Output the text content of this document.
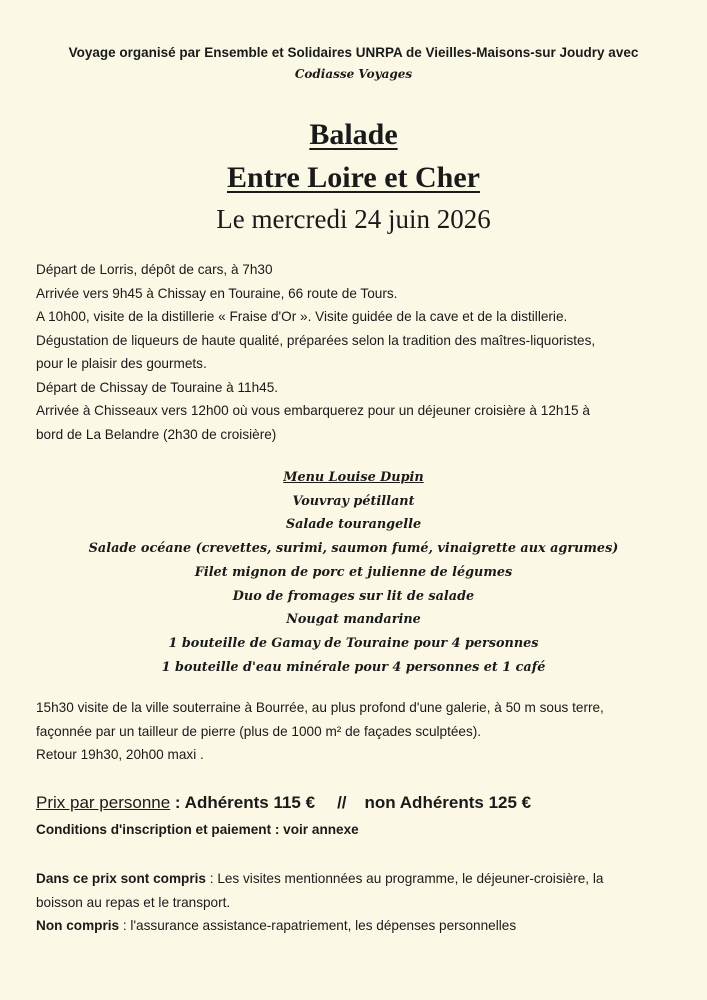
Voyage organisé par Ensemble et Solidaires UNRPA de Vieilles-Maisons-sur Joudry avec
Codiasse Voyages
Balade
Entre Loire et Cher
Le mercredi 24 juin 2026

Départ de Lorris, dépôt de cars, à 7h30

Arrivée vers 9h45 à Chissay en Touraine, 66 route de Tours.

A 10h00, visite de la distillerie « Fraise d'Or ». Visite guidée de la cave et de la distillerie.

Dégustation de liqueurs de haute qualité, préparées selon la tradition des maîtres-liquoristes,

pour le plaisir des gourmets.

Départ de Chissay de Touraine à 11h45.

Arrivée à Chisseaux vers 12h00 où vous embarquerez pour un déjeuner croisière à 12h15 à

bord de La Belandre (2h30 de croisière)

Menu Louise Dupin

Vouvray pétillant

Salade tourangelle

Salade océane (crevettes, surimi, saumon fumé, vinaigrette aux agrumes)

Filet mignon de porc et julienne de légumes

Duo de fromages sur lit de salade

Nougat mandarine

1 bouteille de Gamay de Touraine pour 4 personnes

1 bouteille d'eau minérale pour 4 personnes et 1 café

15h30 visite de la ville souterraine à Bourrée, au plus profond d'une galerie, à 50 m sous terre,

façonnée par un tailleur de pierre (plus de 1000 m² de façades sculptées).

Retour 19h30, 20h00 maxi .

Prix par personne : Adhérents 115 € // non Adhérents 125 €
Conditions d'inscription et paiement : voir annexe

Dans ce prix sont compris : Les visites mentionnées au programme, le déjeuner-croisière, la

boisson au repas et le transport.

Non compris : l'assurance assistance-rapatriement, les dépenses personnelles
